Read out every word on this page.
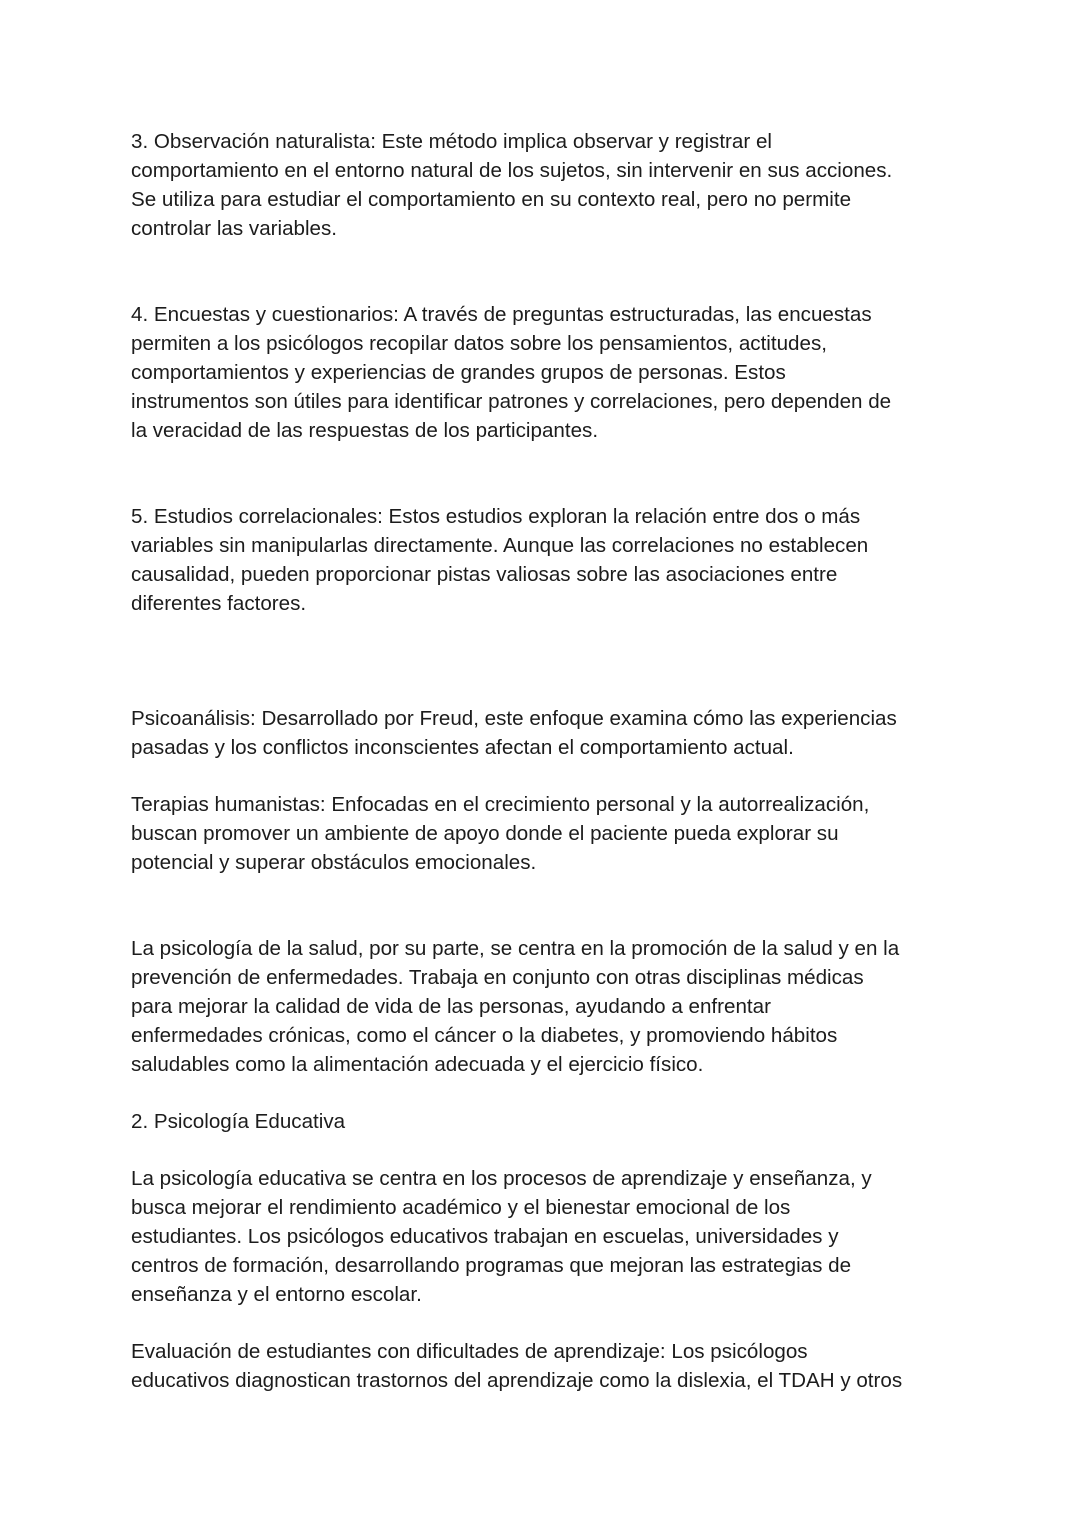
3. Observación naturalista: Este método implica observar y registrar el
comportamiento en el entorno natural de los sujetos, sin intervenir en sus acciones.
Se utiliza para estudiar el comportamiento en su contexto real, pero no permite
controlar las variables.

4. Encuestas y cuestionarios: A través de preguntas estructuradas, las encuestas
permiten a los psicólogos recopilar datos sobre los pensamientos, actitudes,
comportamientos y experiencias de grandes grupos de personas. Estos
instrumentos son útiles para identificar patrones y correlaciones, pero dependen de
la veracidad de las respuestas de los participantes.

5. Estudios correlacionales: Estos estudios exploran la relación entre dos o más
variables sin manipularlas directamente. Aunque las correlaciones no establecen
causalidad, pueden proporcionar pistas valiosas sobre las asociaciones entre
diferentes factores.

Psicoanálisis: Desarrollado por Freud, este enfoque examina cómo las experiencias
pasadas y los conflictos inconscientes afectan el comportamiento actual.

Terapias humanistas: Enfocadas en el crecimiento personal y la autorrealización,
buscan promover un ambiente de apoyo donde el paciente pueda explorar su
potencial y superar obstáculos emocionales.

La psicología de la salud, por su parte, se centra en la promoción de la salud y en la
prevención de enfermedades. Trabaja en conjunto con otras disciplinas médicas
para mejorar la calidad de vida de las personas, ayudando a enfrentar
enfermedades crónicas, como el cáncer o la diabetes, y promoviendo hábitos
saludables como la alimentación adecuada y el ejercicio físico.

2. Psicología Educativa

La psicología educativa se centra en los procesos de aprendizaje y enseñanza, y
busca mejorar el rendimiento académico y el bienestar emocional de los
estudiantes. Los psicólogos educativos trabajan en escuelas, universidades y
centros de formación, desarrollando programas que mejoran las estrategias de
enseñanza y el entorno escolar.

Evaluación de estudiantes con dificultades de aprendizaje: Los psicólogos
educativos diagnostican trastornos del aprendizaje como la dislexia, el TDAH y otros
